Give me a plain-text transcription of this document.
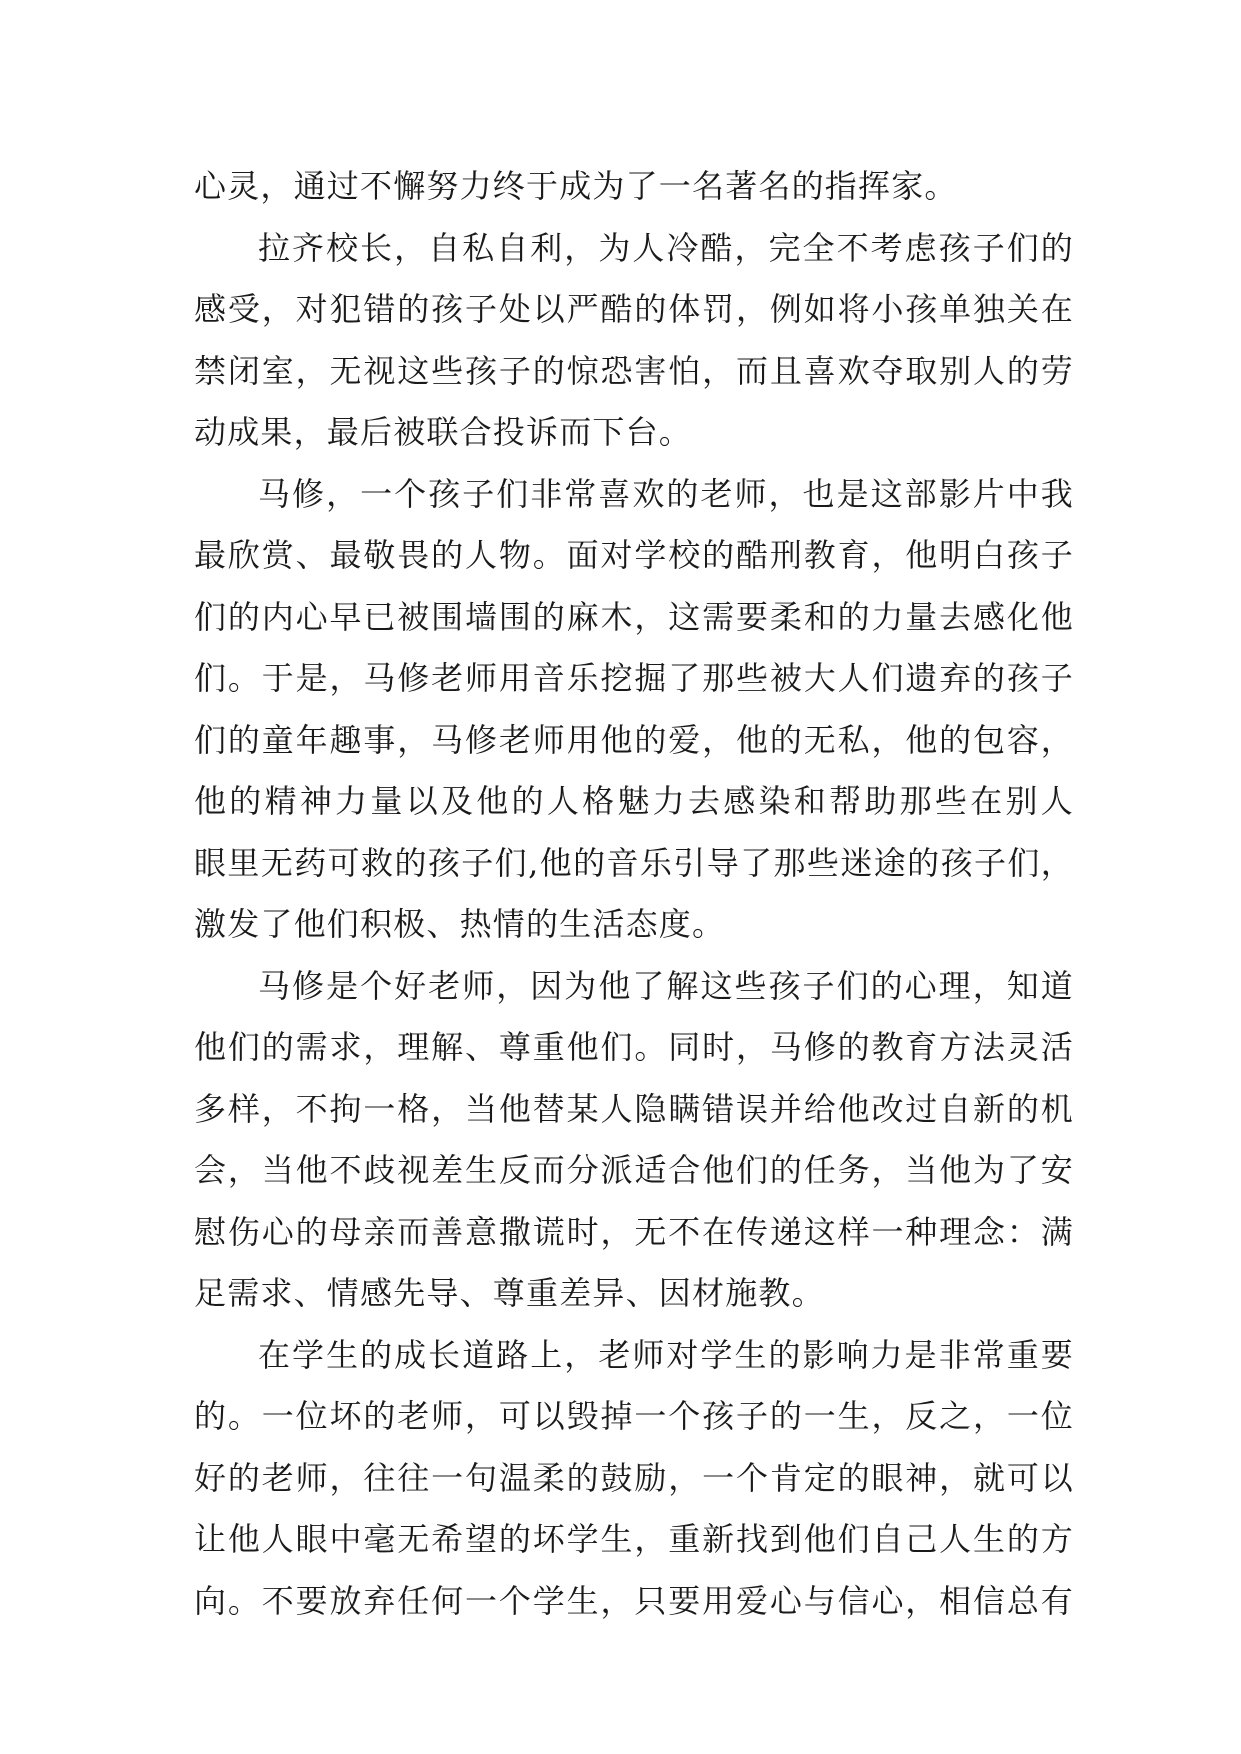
心灵，通过不懈努力终于成为了一名著名的指挥家。
拉齐校长，自私自利，为人冷酷，完全不考虑孩子们的
感受，对犯错的孩子处以严酷的体罚，例如将小孩单独关在
禁闭室，无视这些孩子的惊恐害怕，而且喜欢夺取别人的劳
动成果，最后被联合投诉而下台。
马修，一个孩子们非常喜欢的老师，也是这部影片中我
最欣赏、最敬畏的人物。面对学校的酷刑教育，他明白孩子
们的内心早已被围墙围的麻木，这需要柔和的力量去感化他
们。于是，马修老师用音乐挖掘了那些被大人们遗弃的孩子
们的童年趣事，马修老师用他的爱，他的无私，他的包容，
他的精神力量以及他的人格魅力去感染和帮助那些在别人
眼里无药可救的孩子们,他的音乐引导了那些迷途的孩子们，
激发了他们积极、热情的生活态度。
马修是个好老师，因为他了解这些孩子们的心理，知道
他们的需求，理解、尊重他们。同时，马修的教育方法灵活
多样，不拘一格，当他替某人隐瞒错误并给他改过自新的机
会，当他不歧视差生反而分派适合他们的任务，当他为了安
慰伤心的母亲而善意撒谎时，无不在传递这样一种理念：满
足需求、情感先导、尊重差异、因材施教。
在学生的成长道路上，老师对学生的影响力是非常重要
的。一位坏的老师，可以毁掉一个孩子的一生，反之，一位
好的老师，往往一句温柔的鼓励，一个肯定的眼神，就可以
让他人眼中毫无希望的坏学生，重新找到他们自己人生的方
向。不要放弃任何一个学生，只要用爱心与信心，相信总有
